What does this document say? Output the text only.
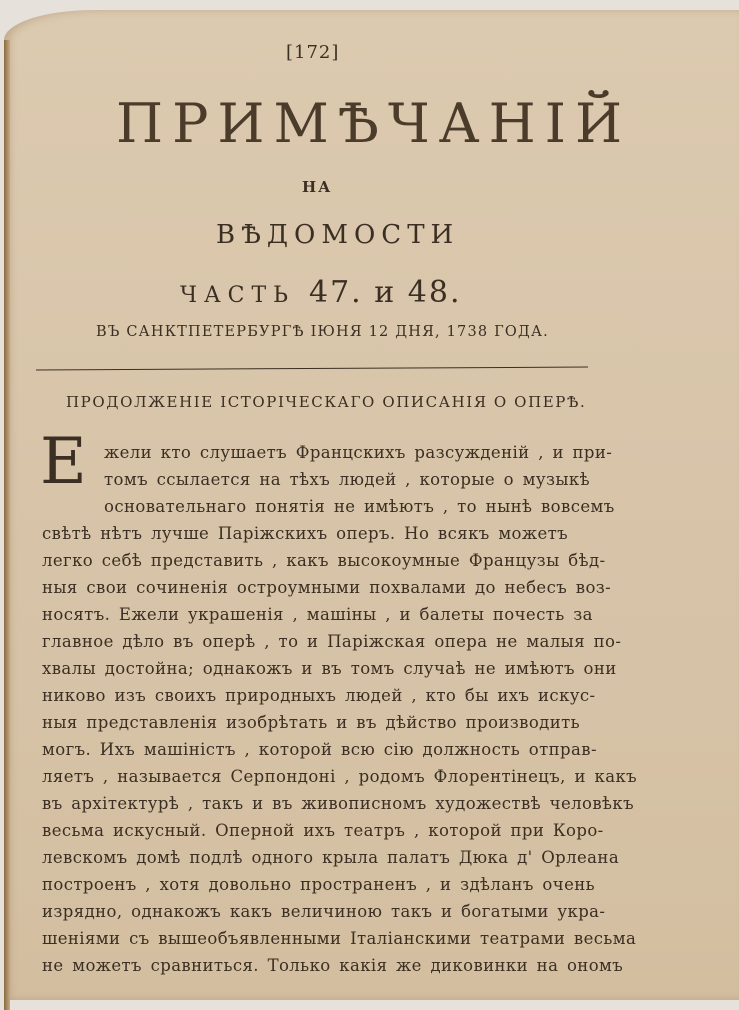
[172]
ПРИМѢЧАНІЙ
НА
ВѢДОМОСТИ
ЧАСТЬ 47. и 48.
ВЪ САНКТПЕТЕРБУРГѢ ІЮНЯ 12 ДНЯ, 1738 ГОДА.
ПРОДОЛЖЕНІЕ ІСТОРІЧЕСКАГО ОПИСАНІЯ О ОПЕРѢ.
Е жели кто слушаетъ Францскихъ разсужденій , и при-
томъ ссылается на тѣхъ людей , которые о музыкѣ
основательнаго понятія не имѣютъ , то нынѣ вовсемъ
свѣтѣ нѣтъ лучше Паріжскихъ оперъ. Но всякъ можетъ
легко себѣ представить , какъ высокоумные Французы бѣд-
ныя свои сочиненія остроумными похвалами до небесъ воз-
носятъ. Ежели украшенія , машіны , и балеты почесть за
главное дѣло въ оперѣ , то и Паріжская опера не малыя по-
хвалы достойна; однакожъ и въ томъ случаѣ не имѣютъ они
никово изъ своихъ природныхъ людей , кто бы ихъ искус-
ныя представленія изобрѣтать и въ дѣйство производить
могъ. Ихъ машіністъ , которой всю сію должность отправ-
ляетъ , называется Серпондоні , родомъ Флорентінецъ, и какъ
въ архітектурѣ , такъ и въ живописномъ художествѣ человѣкъ
весьма искусный. Оперной ихъ театръ , которой при Коро-
левскомъ домѣ подлѣ одного крыла палатъ Дюка д' Орлеана
построенъ , хотя довольно пространенъ , и здѣланъ очень
изрядно, однакожъ какъ величиною такъ и богатыми укра-
шеніями съ вышеобъявленными Італіанскими театрами весьма
не можетъ сравниться. Только какія же диковинки на ономъ
